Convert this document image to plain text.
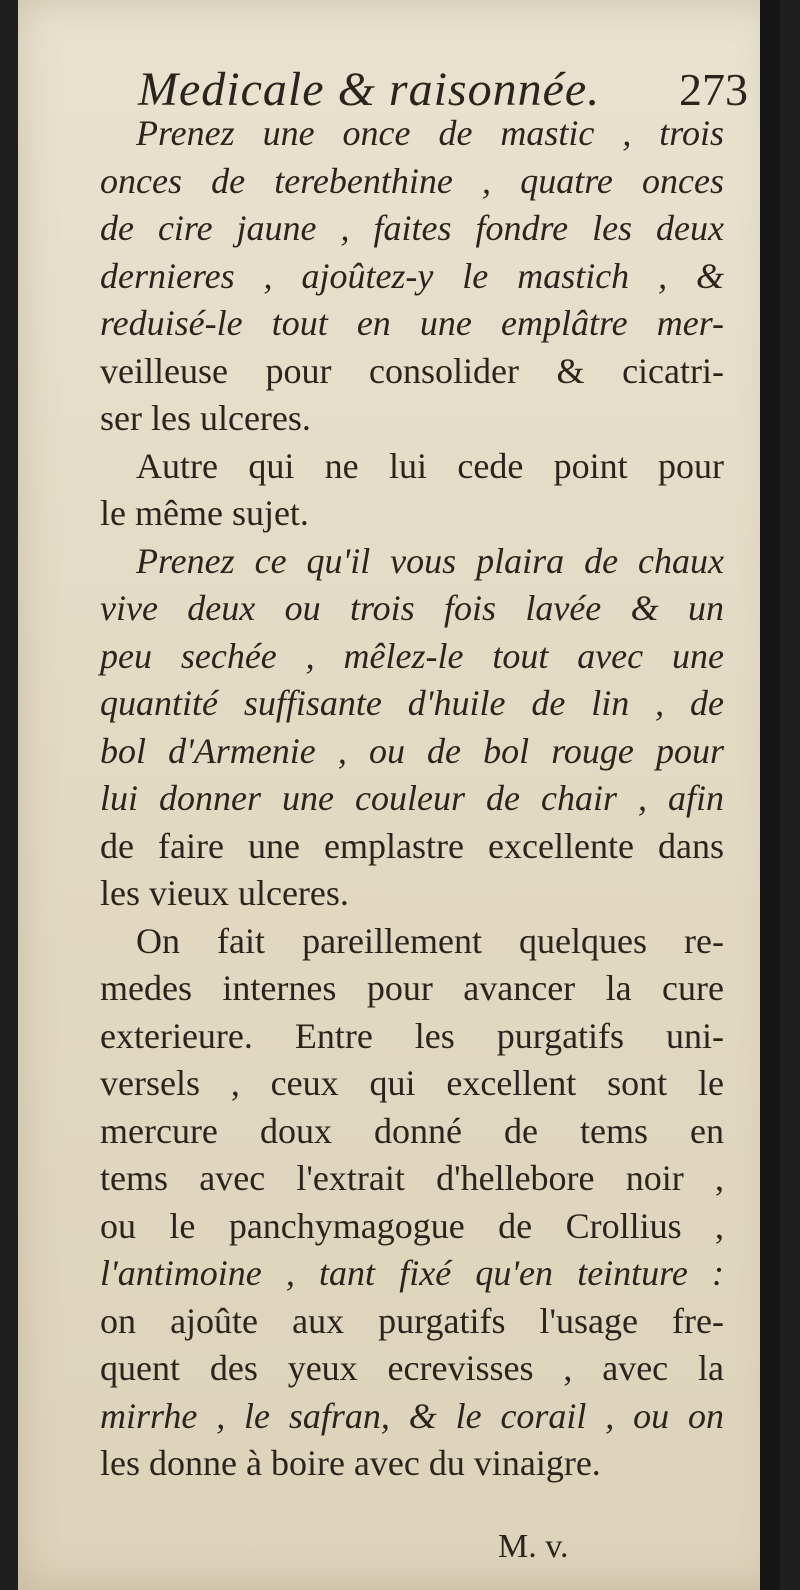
Medicale & raisonnée. 273
Prenez une once de mastic , trois
onces de terebenthine , quatre onces
de cire jaune , faites fondre les deux
dernieres , ajoûtez-y le mastich , &
reduisé-le tout en une emplâtre mer-
veilleuse pour consolider & cicatri-
ser les ulceres.
Autre qui ne lui cede point pour
le même sujet.
Prenez ce qu'il vous plaira de chaux
vive deux ou trois fois lavée & un
peu sechée , mêlez-le tout avec une
quantité suffisante d'huile de lin , de
bol d'Armenie , ou de bol rouge pour
lui donner une couleur de chair , afin
de faire une emplastre excellente dans
les vieux ulceres.
On fait pareillement quelques re-
medes internes pour avancer la cure
exterieure. Entre les purgatifs uni-
versels , ceux qui excellent sont le
mercure doux donné de tems en
tems avec l'extrait d'hellebore noir ,
ou le panchymagogue de Crollius ,
l'antimoine , tant fixé qu'en teinture :
on ajoûte aux purgatifs l'usage fre-
quent des yeux ecrevisses , avec la
mirrhe , le safran, & le corail , ou on
les donne à boire avec du vinaigre.
M. v.
